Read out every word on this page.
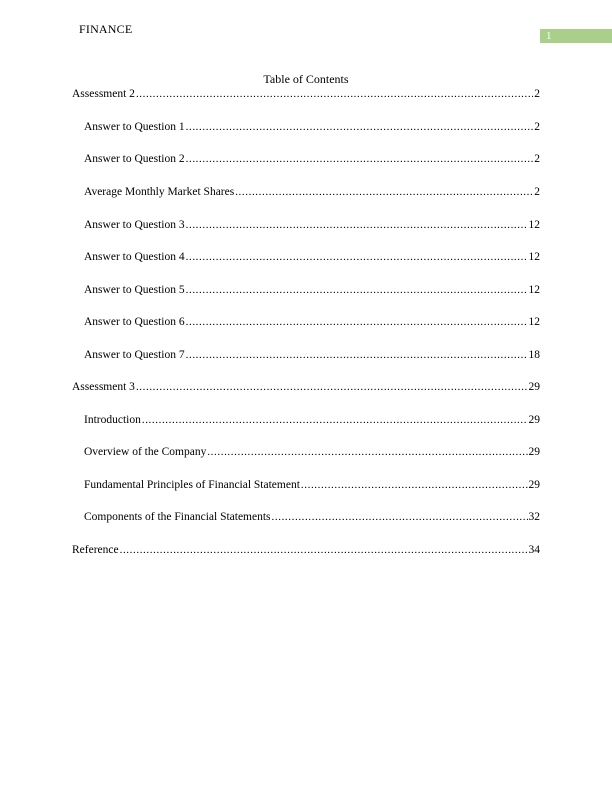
FINANCE	1
Table of Contents
Assessment 2 .....	2
Answer to Question 1 .....	2
Answer to Question 2 .....	2
Average Monthly Market Shares .....	2
Answer to Question 3 .....	12
Answer to Question 4 .....	12
Answer to Question 5 .....	12
Answer to Question 6 .....	12
Answer to Question 7 .....	18
Assessment 3 .....	29
Introduction .....	29
Overview of the Company .....	29
Fundamental Principles of Financial Statement .....	29
Components of the Financial Statements .....	32
Reference .....	34
